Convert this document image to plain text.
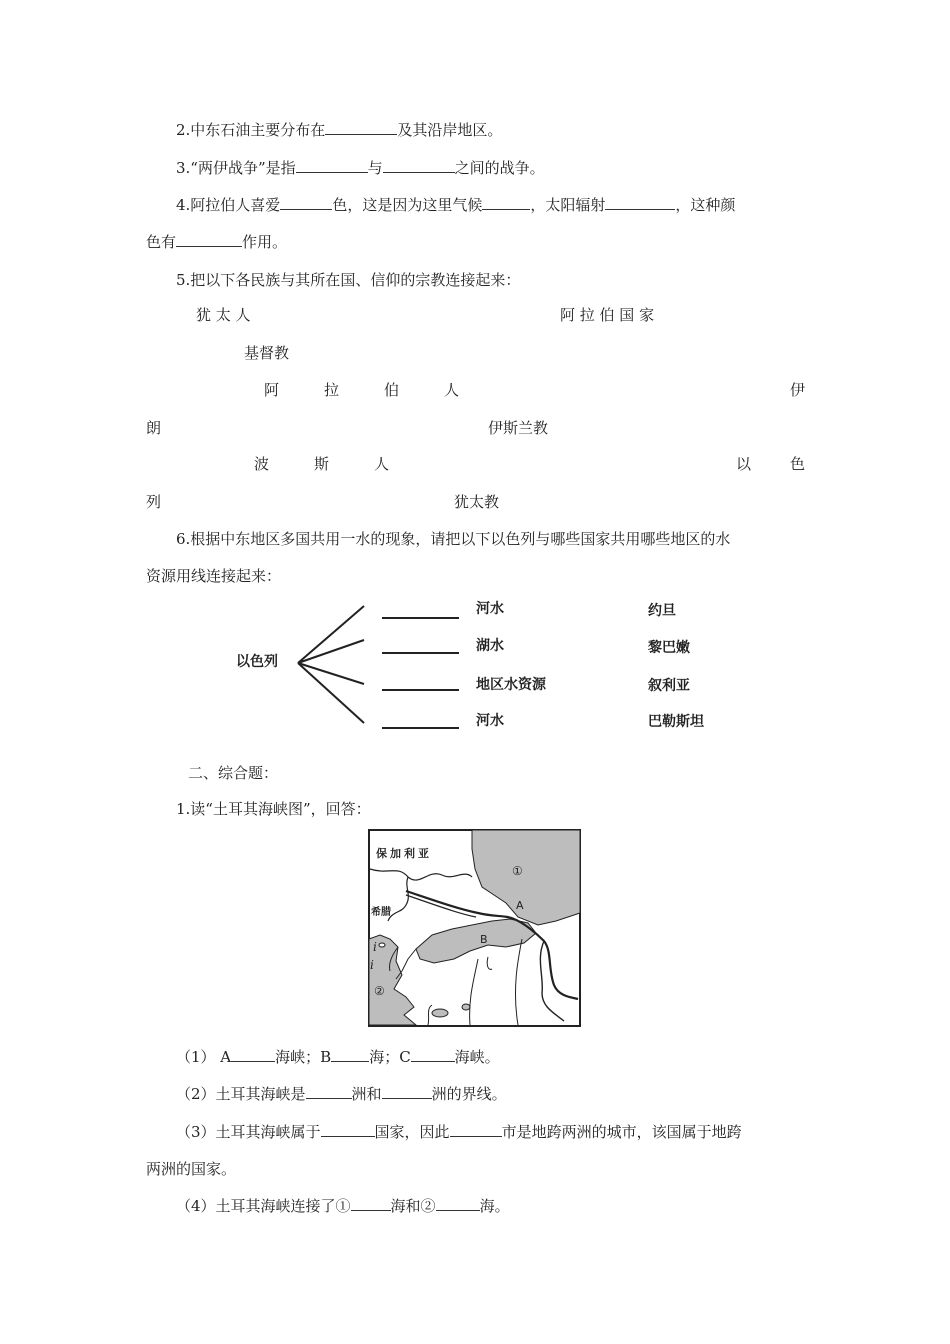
2.中东石油主要分布在	及其沿岸地区。
3.“两伊战争”是指	与	之间的战争。
4.阿拉伯人喜爱	色，这是因为这里气候	，太阳辐射	，这种颜
色有	作用。
5.把以下各民族与其所在国、信仰的宗教连接起来：
犹 太 人	阿 拉 伯 国 家
基督教
阿	拉	伯	人	伊
朗	伊斯兰教
波	斯	人	以	色
列	犹太教
6.根据中东地区多国共用一水的现象，请把以下以色列与哪些国家共用哪些地区的水
资源用线连接起来：
以色列
河水
湖水
地区水资源
河水
约旦
黎巴嫩
叙利亚
巴勒斯坦
二、综合题：
1.读“土耳其海峡图”，回答：
保加利亚
希腊
①
A
B
②
i
i
（1） A	海峡；B	海；C	海峡。
（2）土耳其海峡是	洲和	洲的界线。
（3）土耳其海峡属于	国家，因此	市是地跨两洲的城市，该国属于地跨
两洲的国家。
（4）土耳其海峡连接了①	海和②	海。
